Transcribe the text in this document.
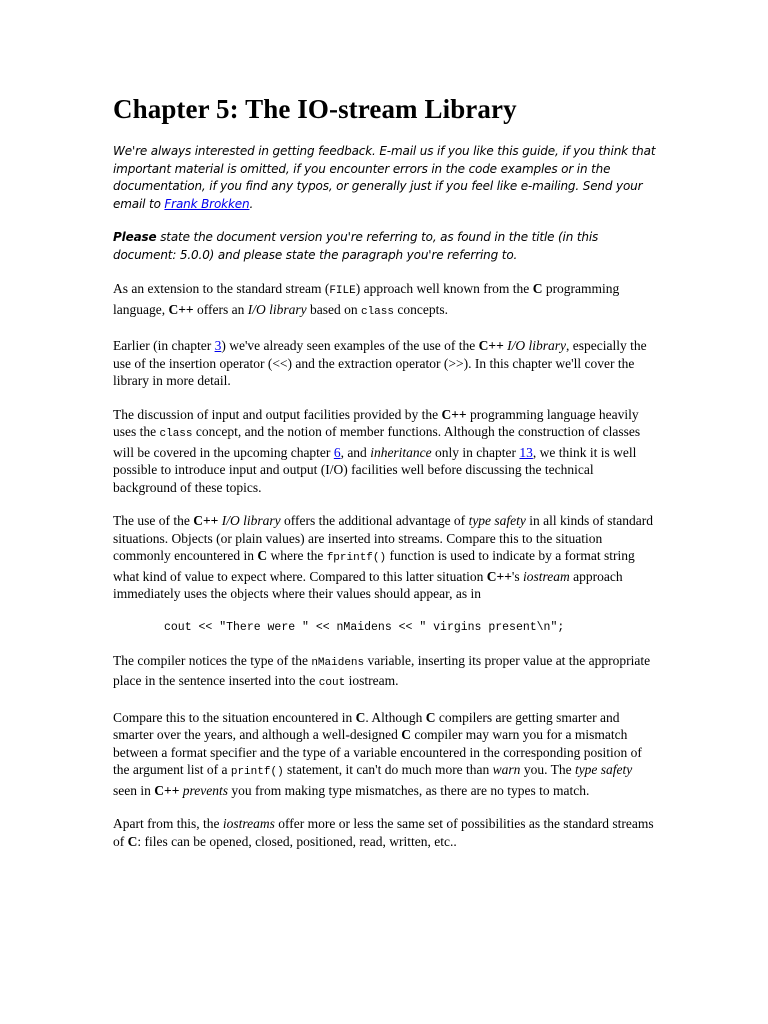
Chapter 5: The IO-stream Library

We're always interested in getting feedback. E-mail us if you like this guide, if you think that important material is omitted, if you encounter errors in the code examples or in the documentation, if you find any typos, or generally just if you feel like e-mailing. Send your email to Frank Brokken.

Please state the document version you're referring to, as found in the title (in this document: 5.0.0) and please state the paragraph you're referring to.

As an extension to the standard stream (FILE) approach well known from the C programming language, C++ offers an I/O library based on class concepts.

Earlier (in chapter 3) we've already seen examples of the use of the C++ I/O library, especially the use of the insertion operator (<<) and the extraction operator (>>). In this chapter we'll cover the library in more detail.

The discussion of input and output facilities provided by the C++ programming language heavily uses the class concept, and the notion of member functions. Although the construction of classes will be covered in the upcoming chapter 6, and inheritance only in chapter 13, we think it is well possible to introduce input and output (I/O) facilities well before discussing the technical background of these topics.

The use of the C++ I/O library offers the additional advantage of type safety in all kinds of standard situations. Objects (or plain values) are inserted into streams. Compare this to the situation commonly encountered in C where the fprintf() function is used to indicate by a format string what kind of value to expect where. Compared to this latter situation C++'s iostream approach immediately uses the objects where their values should appear, as in

cout << "There were " << nMaidens << " virgins present\n";

The compiler notices the type of the nMaidens variable, inserting its proper value at the appropriate place in the sentence inserted into the cout iostream.

Compare this to the situation encountered in C. Although C compilers are getting smarter and smarter over the years, and although a well-designed C compiler may warn you for a mismatch between a format specifier and the type of a variable encountered in the corresponding position of the argument list of a printf() statement, it can't do much more than warn you. The type safety seen in C++ prevents you from making type mismatches, as there are no types to match.

Apart from this, the iostreams offer more or less the same set of possibilities as the standard streams of C: files can be opened, closed, positioned, read, written, etc..
